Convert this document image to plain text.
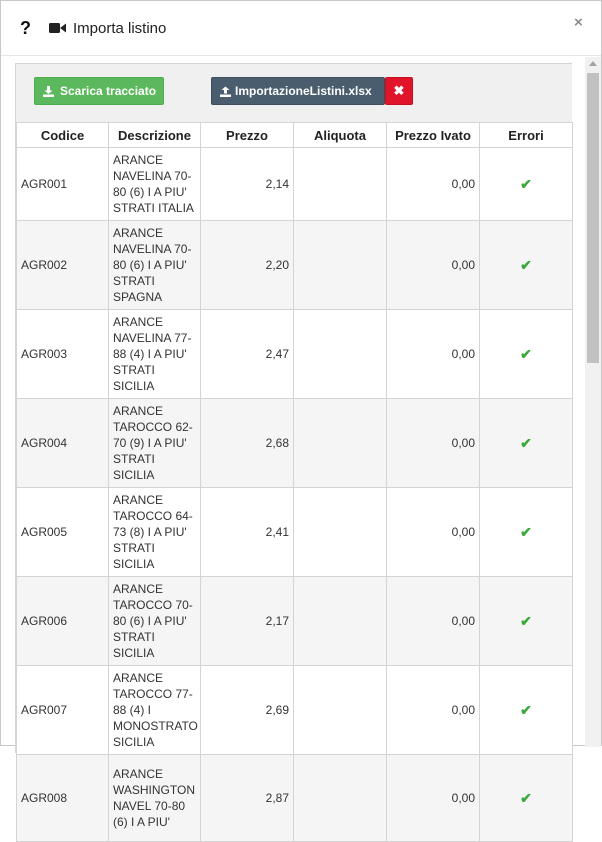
?	Importa listino	×
Scarica tracciato	ImportazioneListini.xlsx ✖
Codice	Descrizione	Prezzo	Aliquota	Prezzo Ivato	Errori
AGR001	ARANCE NAVELINA 70-80 (6) I A PIU' STRATI ITALIA	2,14		0,00	✔
AGR002	ARANCE NAVELINA 70-80 (6) I A PIU' STRATI SPAGNA	2,20		0,00	✔
AGR003	ARANCE NAVELINA 77-88 (4) I A PIU' STRATI SICILIA	2,47		0,00	✔
AGR004	ARANCE TAROCCO 62-70 (9) I A PIU' STRATI SICILIA	2,68		0,00	✔
AGR005	ARANCE TAROCCO 64-73 (8) I A PIU' STRATI SICILIA	2,41		0,00	✔
AGR006	ARANCE TAROCCO 70-80 (6) I A PIU' STRATI SICILIA	2,17		0,00	✔
AGR007	ARANCE TAROCCO 77-88 (4) I MONOSTRATO SICILIA	2,69		0,00	✔
AGR008	ARANCE WASHINGTON NAVEL 70-80 (6) I A PIU'	2,87		0,00	✔
